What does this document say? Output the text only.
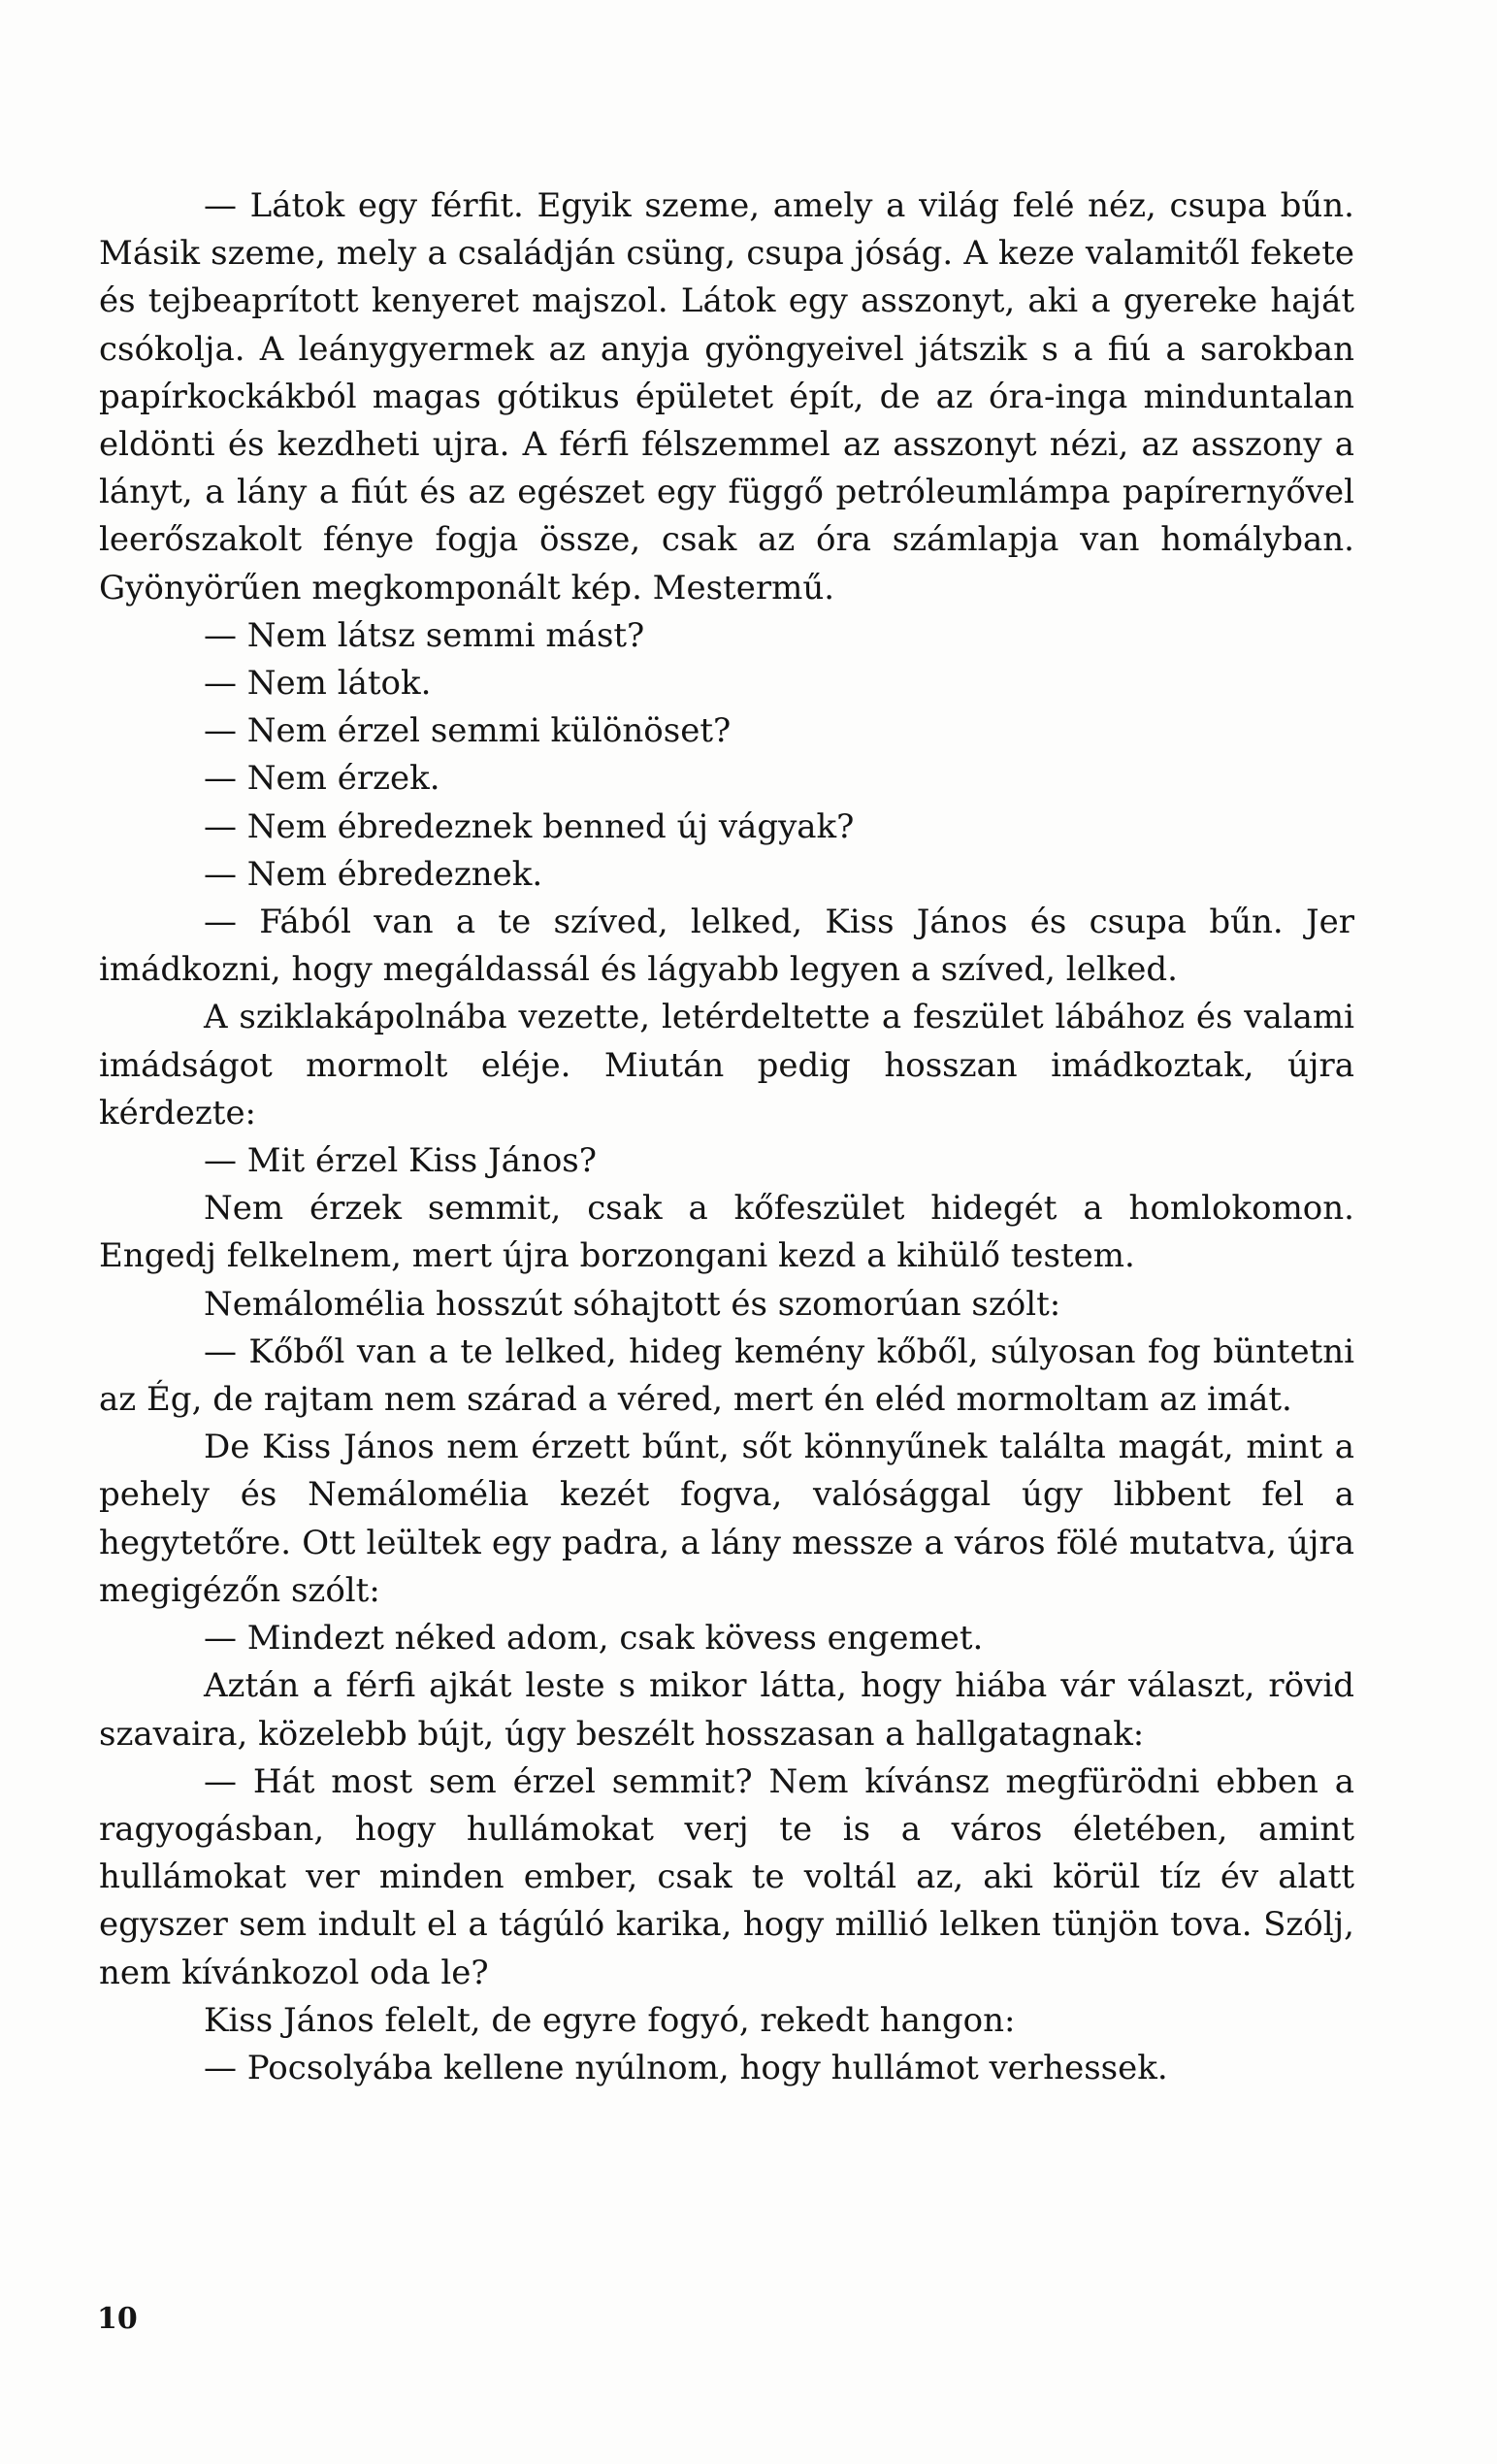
— Látok egy férfit. Egyik szeme, amely a világ felé néz, csupa bűn. Másik szeme, mely a családján csüng, csupa jóság. A keze valamitől fekete és tejbeaprított kenyeret majszol. Látok egy asszonyt, aki a gyereke haját csókolja. A leánygyermek az anyja gyöngyeivel játszik s a fiú a sarokban papírkockákból magas gótikus épületet épít, de az óra-inga minduntalan eldönti és kezdheti ujra. A férfi félszemmel az asszonyt nézi, az asszony a lányt, a lány a fiút és az egészet egy függő petróleumlámpa papírernyővel leerőszakolt fénye fogja össze, csak az óra számlapja van homályban. Gyönyörűen megkomponált kép. Mestermű.

— Nem látsz semmi mást?

— Nem látok.

— Nem érzel semmi különöset?

— Nem érzek.

— Nem ébredeznek benned új vágyak?

— Nem ébredeznek.

— Fából van a te szíved, lelked, Kiss János és csupa bűn. Jer imádkozni, hogy megáldassál és lágyabb legyen a szíved, lelked.

A sziklakápolnába vezette, letérdeltette a feszület lábához és valami imádságot mormolt eléje. Miután pedig hosszan imádkoztak, újra kérdezte:

— Mit érzel Kiss János?

Nem érzek semmit, csak a kőfeszület hidegét a homlokomon. Engedj felkelnem, mert újra borzongani kezd a kihülő testem.

Nemálomélia hosszút sóhajtott és szomorúan szólt:

— Kőből van a te lelked, hideg kemény kőből, súlyosan fog büntetni az Ég, de rajtam nem szárad a véred, mert én eléd mormoltam az imát.

De Kiss János nem érzett bűnt, sőt könnyűnek találta magát, mint a pehely és Nemálomélia kezét fogva, valósággal úgy libbent fel a hegytetőre. Ott leültek egy padra, a lány messze a város fölé mutatva, újra megigézőn szólt:

— Mindezt néked adom, csak kövess engemet.

Aztán a férfi ajkát leste s mikor látta, hogy hiába vár választ, rövid szavaira, közelebb bújt, úgy beszélt hosszasan a hallgatagnak:

— Hát most sem érzel semmit? Nem kívánsz megfürödni ebben a ragyogásban, hogy hullámokat verj te is a város életében, amint hullámokat ver minden ember, csak te voltál az, aki körül tíz év alatt egyszer sem indult el a tágúló karika, hogy millió lelken tünjön tova. Szólj, nem kívánkozol oda le?

Kiss János felelt, de egyre fogyó, rekedt hangon:

— Pocsolyába kellene nyúlnom, hogy hullámot verhessek.

10
